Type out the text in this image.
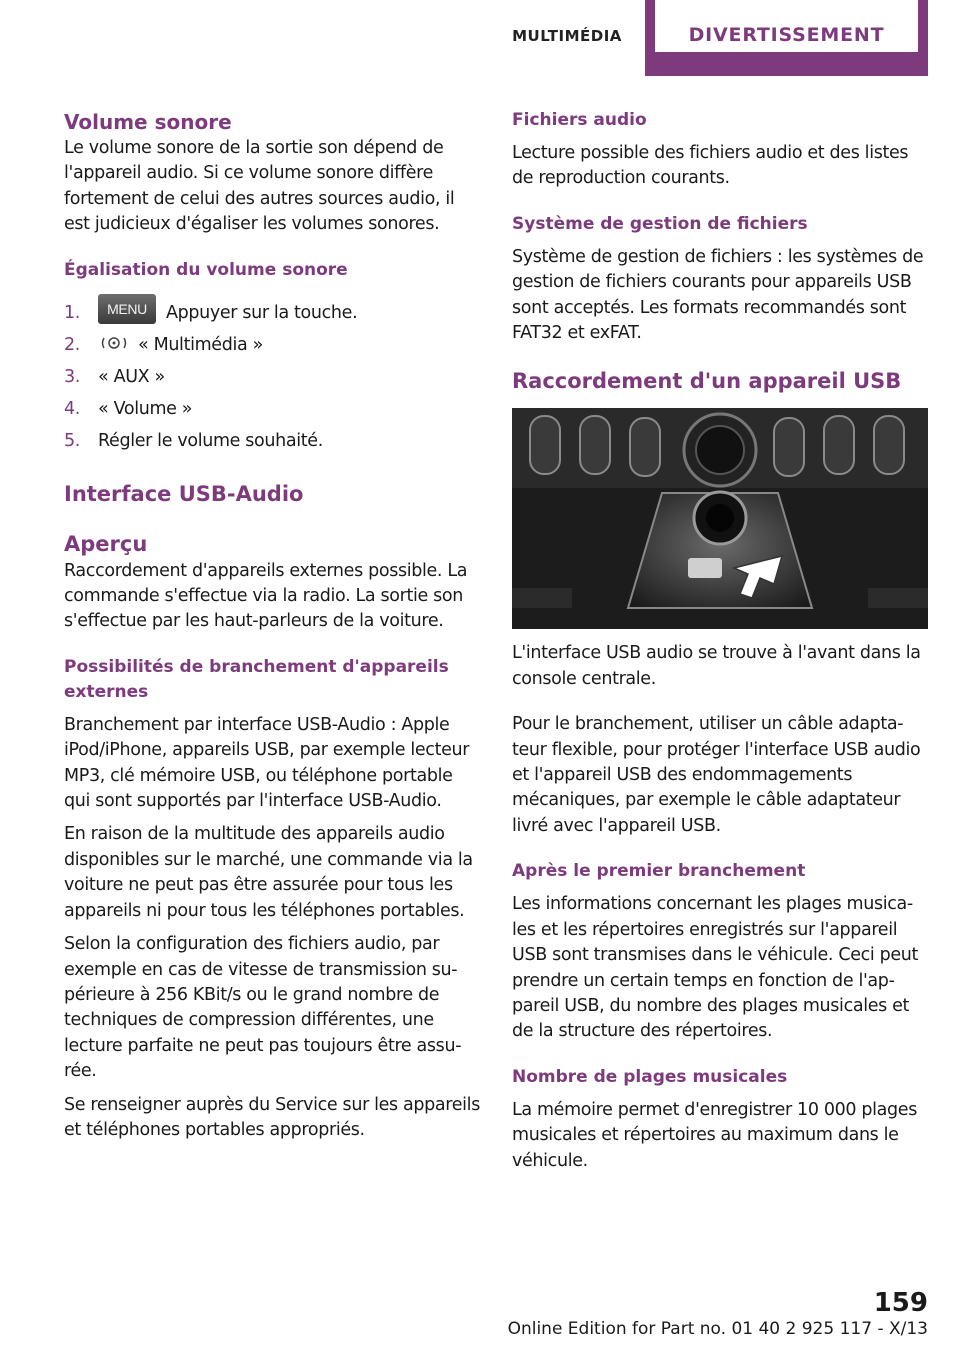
MULTIMÉDIA	DIVERTISSEMENT
Volume sonore

Le volume sonore de la sortie son dépend de l'appareil audio. Si ce volume sonore diffère fortement de celui des autres sources audio, il est judicieux d'égaliser les volumes sonores.

Égalisation du volume sonore
1.	MENU Appuyer sur la touche.
2.	« Multimédia »
3. « AUX »
4. « Volume »
5. Régler le volume souhaité.
Interface USB-Audio
Aperçu

Raccordement d'appareils externes possible. La commande s'effectue via la radio. La sortie son s'effectue par les haut-parleurs de la voiture.

Possibilités de branchement d'appareils externes

Branchement par interface USB-Audio : Apple iPod/iPhone, appareils USB, par exemple lecteur MP3, clé mémoire USB, ou téléphone portable qui sont supportés par l'interface USB-Audio.

En raison de la multitude des appareils audio disponibles sur le marché, une commande via la voiture ne peut pas être assurée pour tous les appareils ni pour tous les téléphones portables.

Selon la configuration des fichiers audio, par exemple en cas de vitesse de transmission supérieure à 256 KBit/s ou le grand nombre de techniques de compression différentes, une lecture parfaite ne peut pas toujours être assurée.

Se renseigner auprès du Service sur les appareils et téléphones portables appropriés.

Fichiers audio

Lecture possible des fichiers audio et des listes de reproduction courants.

Système de gestion de fichiers

Système de gestion de fichiers : les systèmes de gestion de fichiers courants pour appareils USB sont acceptés. Les formats recommandés sont FAT32 et exFAT.

Raccordement d'un appareil USB

L'interface USB audio se trouve à l'avant dans la console centrale.

Pour le branchement, utiliser un câble adaptateur flexible, pour protéger l'interface USB audio et l'appareil USB des endommagements mécaniques, par exemple le câble adaptateur livré avec l'appareil USB.

Après le premier branchement

Les informations concernant les plages musicales et les répertoires enregistrés sur l'appareil USB sont transmises dans le véhicule. Ceci peut prendre un certain temps en fonction de l'appareil USB, du nombre des plages musicales et de la structure des répertoires.

Nombre de plages musicales

La mémoire permet d'enregistrer 10 000 plages musicales et répertoires au maximum dans le véhicule.

159
Online Edition for Part no. 01 40 2 925 117 - X/13
